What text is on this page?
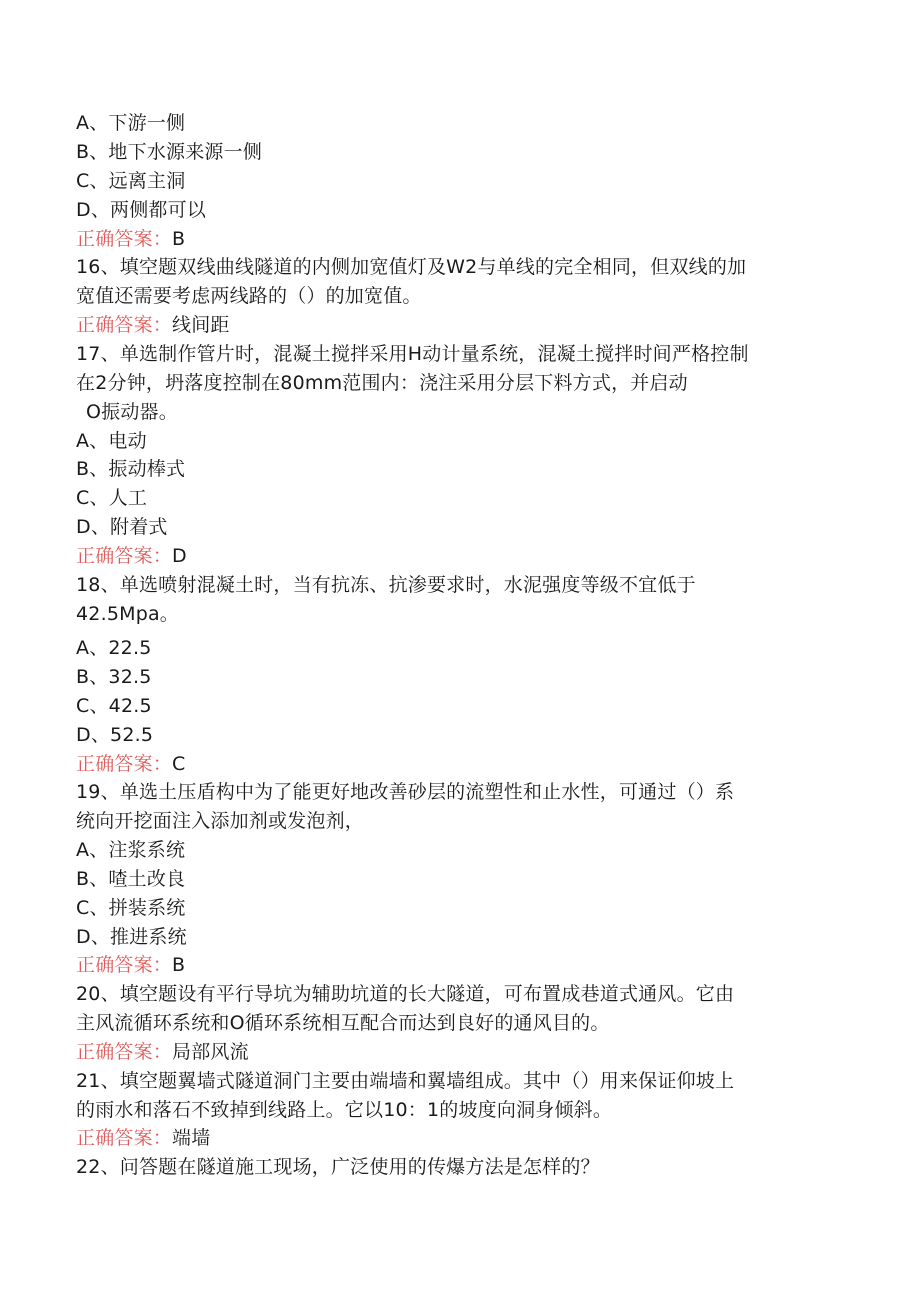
A、下游一侧
B、地下水源来源一侧
C、远离主洞
D、两侧都可以
正确答案：B
16、填空题双线曲线隧道的内侧加宽值灯及W2与单线的完全相同，但双线的加
宽值还需要考虑两线路的（）的加宽值。
正确答案：线间距
17、单选制作管片时，混凝土搅拌采用H动计量系统，混凝土搅拌时间严格控制
在2分钟，坍落度控制在80mm范围内：浇注采用分层下料方式，并启动
O振动器。
A、电动
B、振动棒式
C、人工
D、附着式
正确答案：D
18、单选喷射混凝土时，当有抗冻、抗渗要求时，水泥强度等级不宜低于
42.5Mpa。
A、22.5
B、32.5
C、42.5
D、52.5
正确答案：C
19、单选土压盾构中为了能更好地改善砂层的流塑性和止水性，可通过（）系
统向开挖面注入添加剂或发泡剂，
A、注浆系统
B、喳土改良
C、拼装系统
D、推进系统
正确答案：B
20、填空题设有平行导坑为辅助坑道的长大隧道，可布置成巷道式通风。它由
主风流循环系统和O循环系统相互配合而达到良好的通风目的。
正确答案：局部风流
21、填空题翼墙式隧道洞门主要由端墙和翼墙组成。其中（）用来保证仰坡上
的雨水和落石不致掉到线路上。它以10：1的坡度向洞身倾斜。
正确答案：端墙
22、问答题在隧道施工现场，广泛使用的传爆方法是怎样的？
